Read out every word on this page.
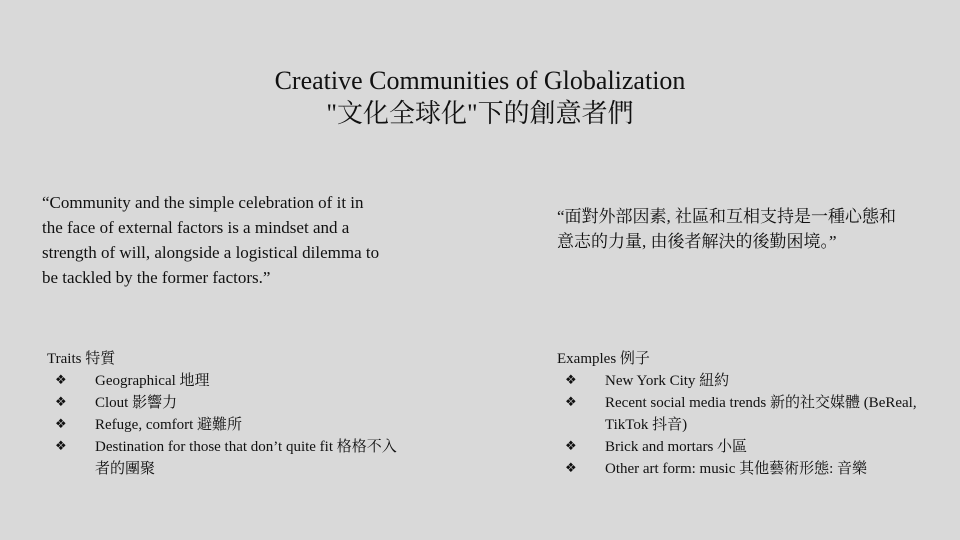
Creative Communities of Globalization
"文化全球化"下的創意者們
“Community and the simple celebration of it in the face of external factors is a mindset and a strength of will, alongside a logistical dilemma to be tackled by the former factors.”
“面對外部因素, 社區和互相支持是一種心態和意志的力量, 由後者解決的後勤困境。”
Traits 特質
❖ Geographical 地理
❖ Clout 影響力
❖ Refuge, comfort 避難所
❖ Destination for those that don’t quite fit 格格不入者的團聚
Examples 例子
❖ New York City 紐約
❖ Recent social media trends 新的社交媒體 (BeReal, TikTok 抖音)
❖ Brick and mortars 小區
❖ Other art form: music 其他藝術形態: 音樂
